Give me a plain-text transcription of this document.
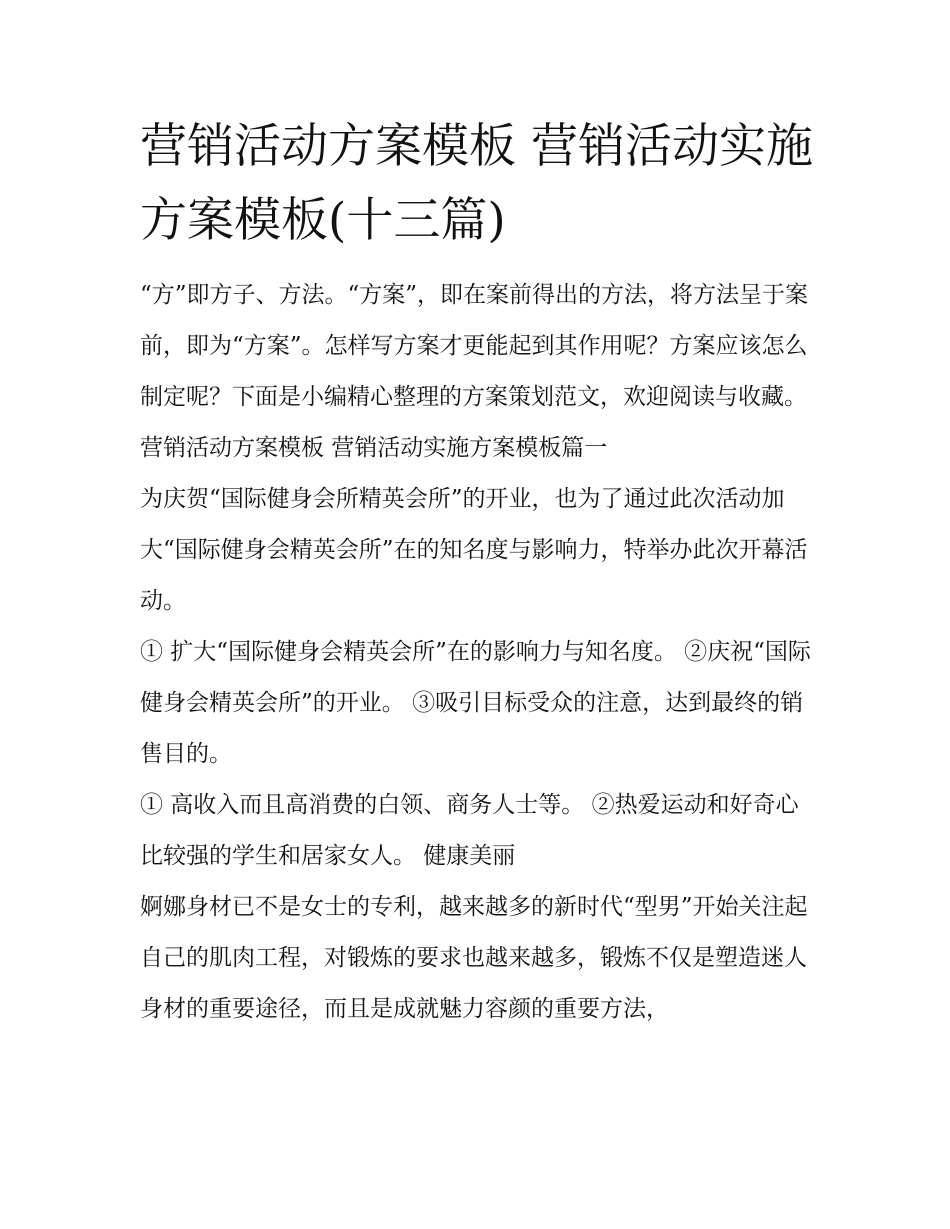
营销活动方案模板 营销活动实施方案模板(十三篇)

“方”即方子、方法。“方案”，即在案前得出的方法，将方法呈于案前，即为“方案”。怎样写方案才更能起到其作用呢？方案应该怎么制定呢？下面是小编精心整理的方案策划范文，欢迎阅读与收藏。

营销活动方案模板 营销活动实施方案模板篇一

为庆贺“国际健身会所精英会所”的开业，也为了通过此次活动加大“国际健身会精英会所”在的知名度与影响力，特举办此次开幕活动。

① 扩大“国际健身会精英会所”在的影响力与知名度。 ②庆祝“国际健身会精英会所”的开业。 ③吸引目标受众的注意，达到最终的销售目的。

① 高收入而且高消费的白领、商务人士等。 ②热爱运动和好奇心比较强的学生和居家女人。 健康美丽

婀娜身材已不是女士的专利，越来越多的新时代“型男”开始关注起自己的肌肉工程，对锻炼的要求也越来越多，锻炼不仅是塑造迷人身材的重要途径，而且是成就魅力容颜的重要方法，
